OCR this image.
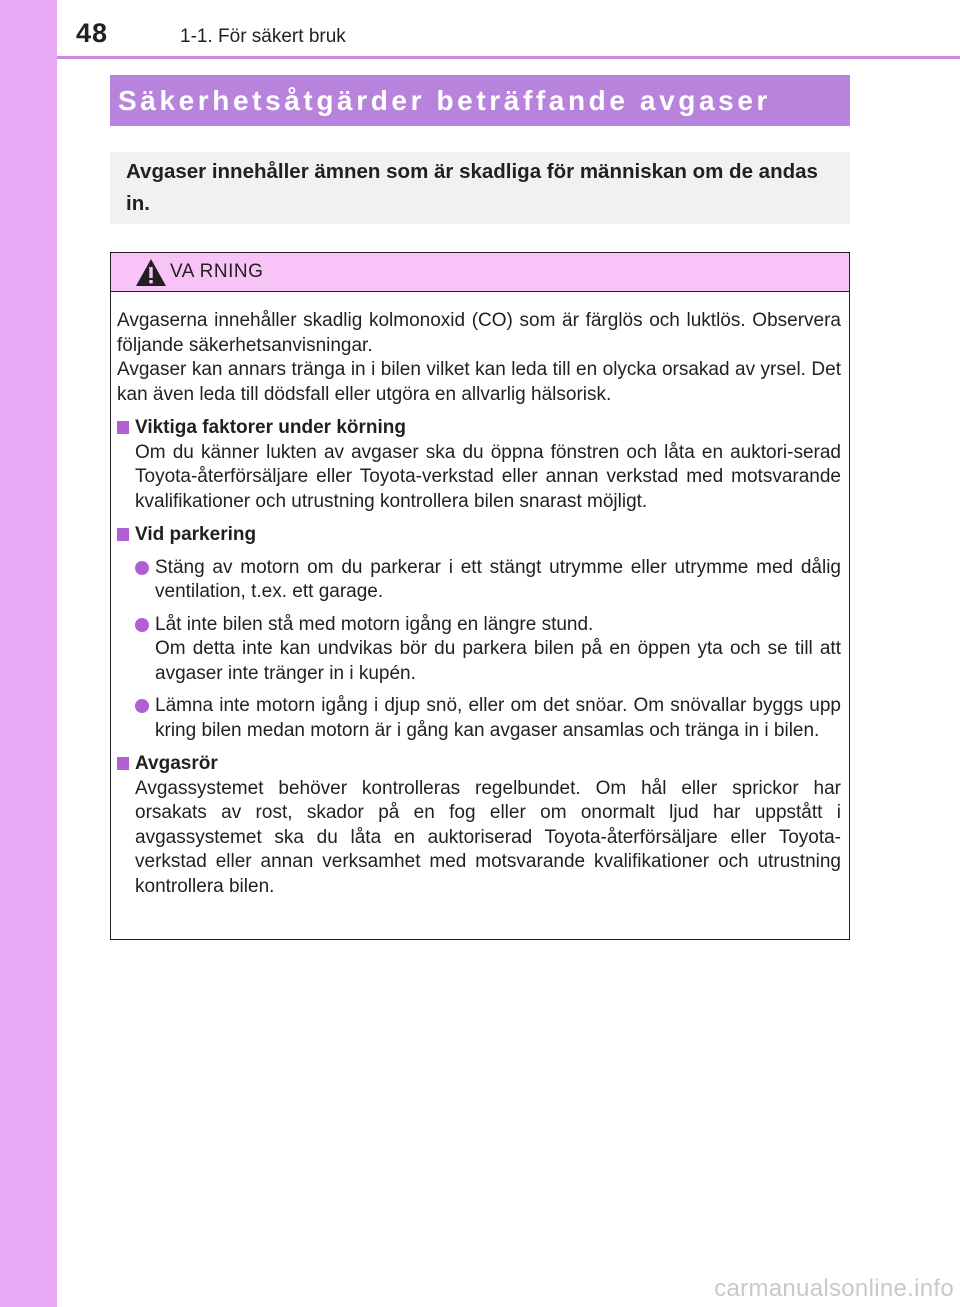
48	1-1. För säkert bruk
Säkerhetsåtgärder beträffande avgaser
Avgaser innehåller ämnen som är skadliga för människan om de andas in.
VA RNING
Avgaserna innehåller skadlig kolmonoxid (CO) som är färglös och luktlös. Observera följande säkerhetsanvisningar.
Avgaser kan annars tränga in i bilen vilket kan leda till en olycka orsakad av yrsel. Det kan även leda till dödsfall eller utgöra en allvarlig hälsorisk.
Viktiga faktorer under körning
Om du känner lukten av avgaser ska du öppna fönstren och låta en auktori-serad Toyota-återförsäljare eller Toyota-verkstad eller annan verkstad med motsvarande kvalifikationer och utrustning kontrollera bilen snarast möjligt.
Vid parkering
Stäng av motorn om du parkerar i ett stängt utrymme eller utrymme med dålig ventilation, t.ex. ett garage.
Låt inte bilen stå med motorn igång en längre stund.
Om detta inte kan undvikas bör du parkera bilen på en öppen yta och se till att avgaser inte tränger in i kupén.
Lämna inte motorn igång i djup snö, eller om det snöar. Om snövallar byggs upp kring bilen medan motorn är i gång kan avgaser ansamlas och tränga in i bilen.
Avgasrör
Avgassystemet behöver kontrolleras regelbundet. Om hål eller sprickor har orsakats av rost, skador på en fog eller om onormalt ljud har uppstått i avgassystemet ska du låta en auktoriserad Toyota-återförsäljare eller Toyota-verkstad eller annan verksamhet med motsvarande kvalifikationer och utrustning kontrollera bilen.
carmanualsonline.info
